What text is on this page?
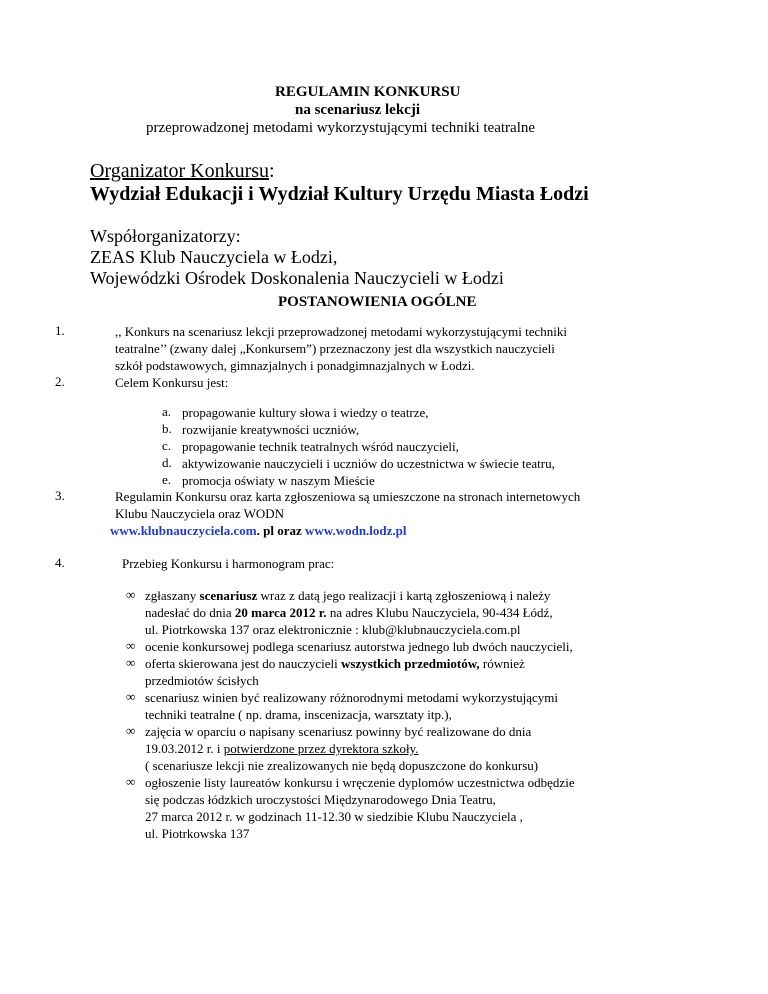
REGULAMIN KONKURSU
na scenariusz lekcji
przeprowadzonej metodami wykorzystującymi techniki teatralne
Organizator Konkursu:
Wydział Edukacji i Wydział Kultury Urzędu Miasta Łodzi
Współorganizatorzy:
ZEAS Klub Nauczyciela w Łodzi,
Wojewódzki Ośrodek Doskonalenia Nauczycieli w Łodzi
POSTANOWIENIA OGÓLNE
1.	,, Konkurs na scenariusz lekcji przeprowadzonej metodami wykorzystującymi techniki
teatralne’’ (zwany dalej „Konkursem”) przeznaczony jest dla wszystkich nauczycieli
szkół podstawowych, gimnazjalnych i ponadgimnazjalnych w Łodzi.
2.	Celem Konkursu jest:
a. propagowanie kultury słowa i wiedzy o teatrze,
b. rozwijanie kreatywności uczniów,
c. propagowanie technik teatralnych wśród nauczycieli,
d. aktywizowanie nauczycieli i uczniów do uczestnictwa w świecie teatru,
e. promocja oświaty w naszym Mieście
3.	Regulamin Konkursu oraz karta zgłoszeniowa są umieszczone na stronach internetowych
Klubu Nauczyciela oraz WODN
www.klubnauczyciela.com. pl oraz www.wodn.lodz.pl
4.	Przebieg Konkursu i harmonogram prac:
∞ zgłaszany scenariusz wraz z datą jego realizacji i kartą zgłoszeniową i należy
nadesłać do dnia 20 marca 2012 r. na adres Klubu Nauczyciela, 90-434 Łódź,
ul. Piotrkowska 137 oraz elektronicznie : klub@klubnauczyciela.com.pl
∞ ocenie konkursowej podlega scenariusz autorstwa jednego lub dwóch nauczycieli,
∞ oferta skierowana jest do nauczycieli wszystkich przedmiotów, również
przedmiotów ścisłych
∞ scenariusz winien być realizowany różnorodnymi metodami wykorzystującymi
techniki teatralne ( np. drama, inscenizacja, warsztaty itp.),
∞ zajęcia w oparciu o napisany scenariusz powinny być realizowane do dnia
19.03.2012 r. i potwierdzone przez dyrektora szkoły.
( scenariusze lekcji nie zrealizowanych nie będą dopuszczone do konkursu)
∞ ogłoszenie listy laureatów konkursu i wręczenie dyplomów uczestnictwa odbędzie
się podczas łódzkich uroczystości Międzynarodowego Dnia Teatru,
27 marca 2012 r. w godzinach 11-12.30 w siedzibie Klubu Nauczyciela ,
ul. Piotrkowska 137
